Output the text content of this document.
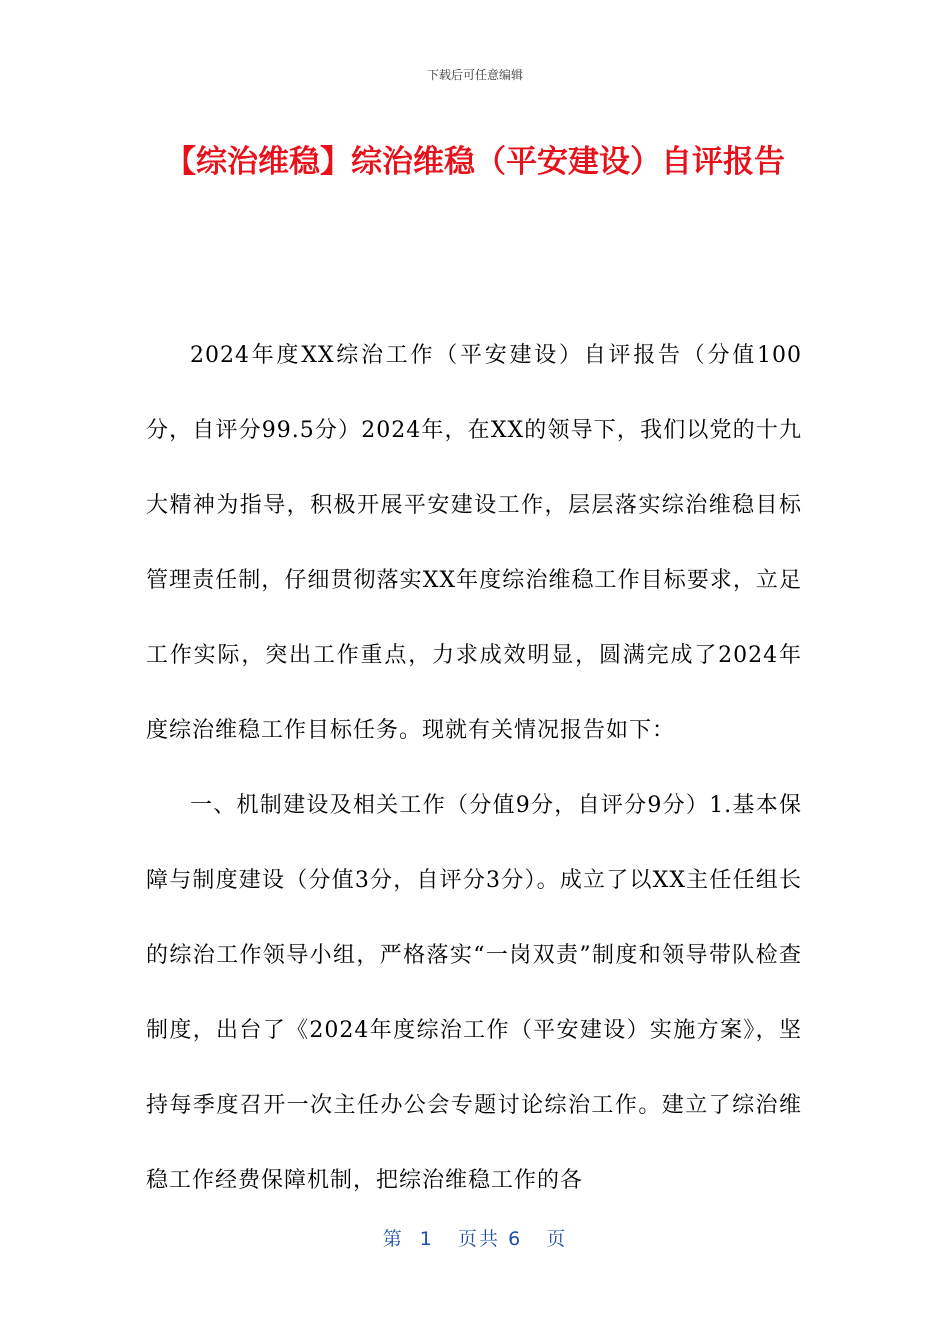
下载后可任意编辑
【综治维稳】综治维稳（平安建设）自评报告

2024年度XX综治工作（平安建设）自评报告（分值100分，自评分99.5分）2024年，在XX的领导下，我们以党的十九大精神为指导，积极开展平安建设工作，层层落实综治维稳目标管理责任制，仔细贯彻落实XX年度综治维稳工作目标要求，立足工作实际，突出工作重点，力求成效明显，圆满完成了2024年度综治维稳工作目标任务。现就有关情况报告如下：

一、机制建设及相关工作（分值9分，自评分9分）1.基本保障与制度建设（分值3分，自评分3分）。成立了以XX主任任组长的综治工作领导小组，严格落实“一岗双责”制度和领导带队检查制度，出台了《2024年度综治工作（平安建设）实施方案》，坚持每季度召开一次主任办公会专题讨论综治工作。建立了综治维稳工作经费保障机制，把综治维稳工作的各

第 1 页共 6 页
